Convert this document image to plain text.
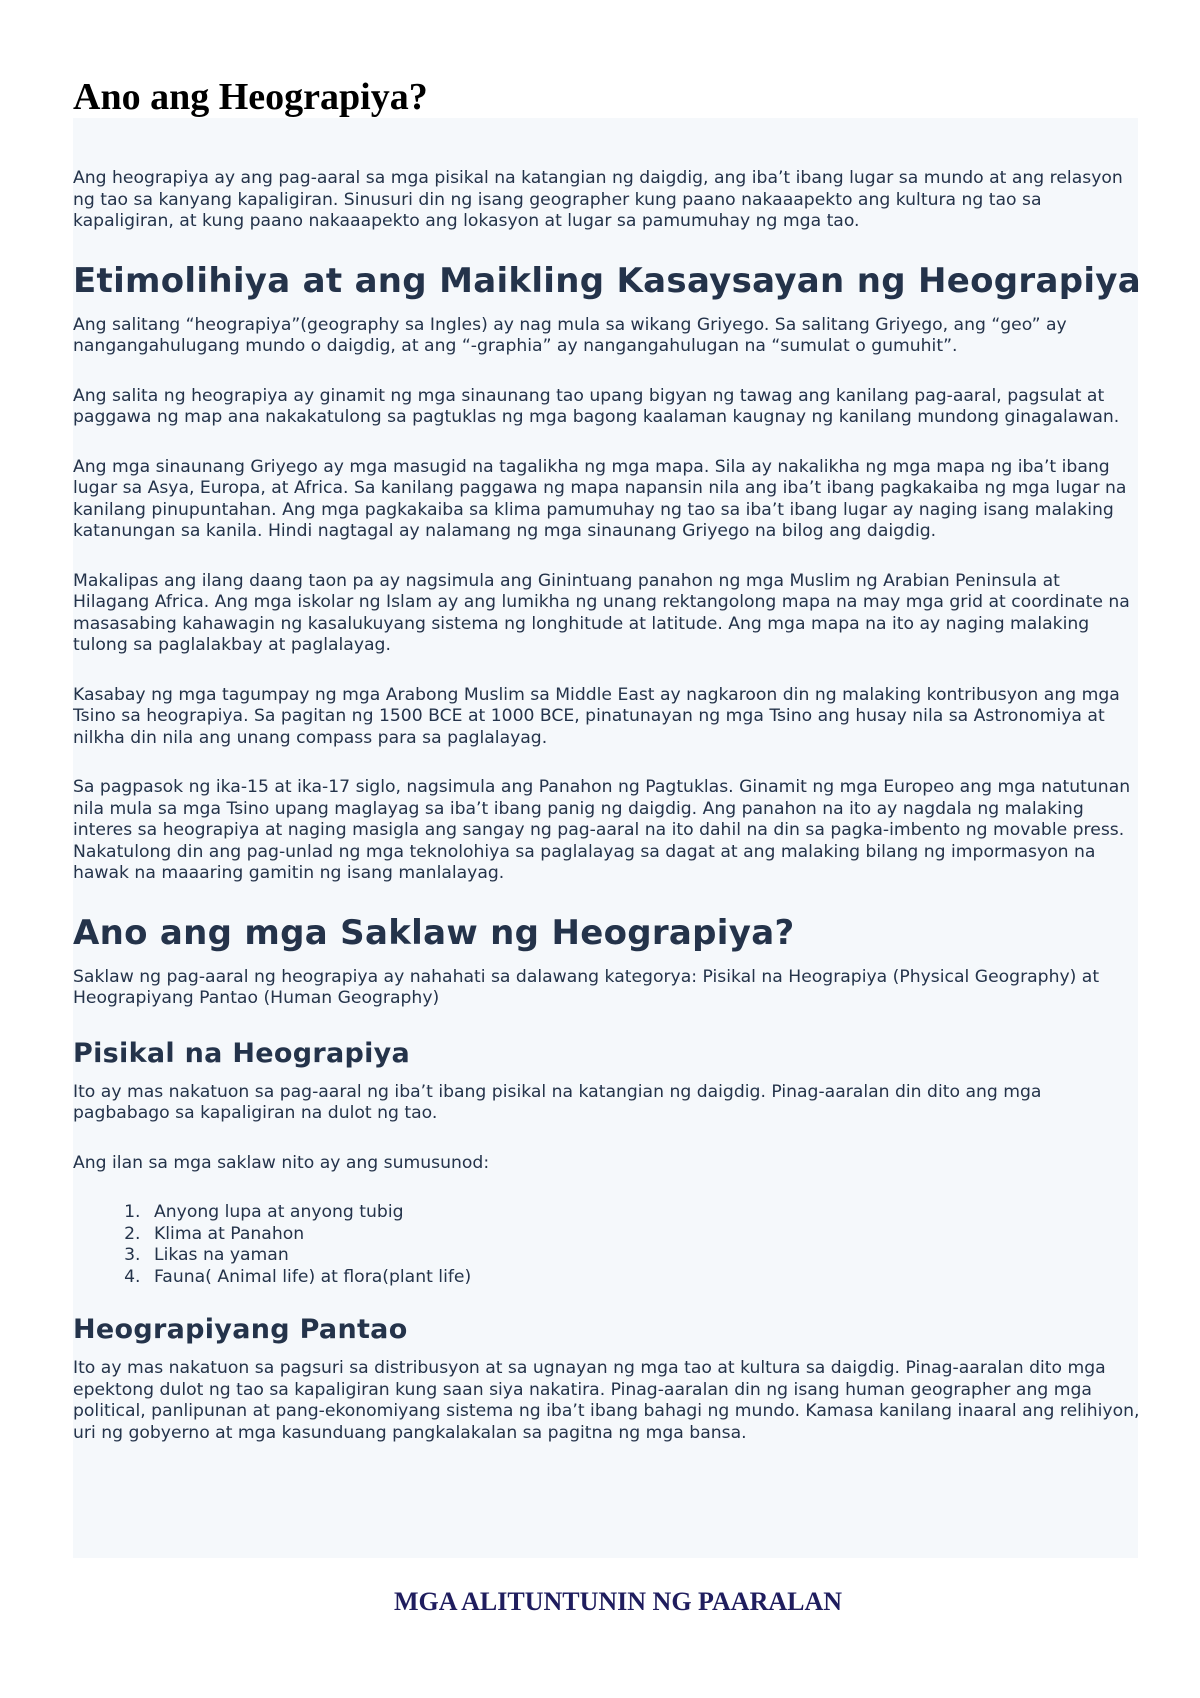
Ano ang Heograpiya?

Ang heograpiya ay ang pag-aaral sa mga pisikal na katangian ng daigdig, ang iba’t ibang lugar sa mundo at ang relasyon ng tao sa kanyang kapaligiran. Sinusuri din ng isang geographer kung paano nakaaapekto ang kultura ng tao sa kapaligiran, at kung paano nakaaapekto ang lokasyon at lugar sa pamumuhay ng mga tao.

Etimolihiya at ang Maikling Kasaysayan ng Heograpiya

Ang salitang “heograpiya”(geography sa Ingles) ay nag mula sa wikang Griyego. Sa salitang Griyego, ang “geo” ay nangangahulugang mundo o daigdig, at ang “-graphia” ay nangangahulugan na “sumulat o gumuhit”.

Ang salita ng heograpiya ay ginamit ng mga sinaunang tao upang bigyan ng tawag ang kanilang pag-aaral, pagsulat at paggawa ng map ana nakakatulong sa pagtuklas ng mga bagong kaalaman kaugnay ng kanilang mundong ginagalawan.

Ang mga sinaunang Griyego ay mga masugid na tagalikha ng mga mapa. Sila ay nakalikha ng mga mapa ng iba’t ibang lugar sa Asya, Europa, at Africa. Sa kanilang paggawa ng mapa napansin nila ang iba’t ibang pagkakaiba ng mga lugar na kanilang pinupuntahan. Ang mga pagkakaiba sa klima pamumuhay ng tao sa iba’t ibang lugar ay naging isang malaking katanungan sa kanila. Hindi nagtagal ay nalamang ng mga sinaunang Griyego na bilog ang daigdig.

Makalipas ang ilang daang taon pa ay nagsimula ang Ginintuang panahon ng mga Muslim ng Arabian Peninsula at Hilagang Africa. Ang mga iskolar ng Islam ay ang lumikha ng unang rektangolong mapa na may mga grid at coordinate na masasabing kahawagin ng kasalukuyang sistema ng longhitude at latitude. Ang mga mapa na ito ay naging malaking tulong sa paglalakbay at paglalayag.

Kasabay ng mga tagumpay ng mga Arabong Muslim sa Middle East ay nagkaroon din ng malaking kontribusyon ang mga Tsino sa heograpiya. Sa pagitan ng 1500 BCE at 1000 BCE, pinatunayan ng mga Tsino ang husay nila sa Astronomiya at nilkha din nila ang unang compass para sa paglalayag.

Sa pagpasok ng ika-15 at ika-17 siglo, nagsimula ang Panahon ng Pagtuklas. Ginamit ng mga Europeo ang mga natutunan nila mula sa mga Tsino upang maglayag sa iba’t ibang panig ng daigdig. Ang panahon na ito ay nagdala ng malaking interes sa heograpiya at naging masigla ang sangay ng pag-aaral na ito dahil na din sa pagka-imbento ng movable press. Nakatulong din ang pag-unlad ng mga teknolohiya sa paglalayag sa dagat at ang malaking bilang ng impormasyon na hawak na maaaring gamitin ng isang manlalayag.

Ano ang mga Saklaw ng Heograpiya?

Saklaw ng pag-aaral ng heograpiya ay nahahati sa dalawang kategorya: Pisikal na Heograpiya (Physical Geography) at Heograpiyang Pantao (Human Geography)

Pisikal na Heograpiya

Ito ay mas nakatuon sa pag-aaral ng iba’t ibang pisikal na katangian ng daigdig. Pinag-aaralan din dito ang mga pagbabago sa kapaligiran na dulot ng tao.

Ang ilan sa mga saklaw nito ay ang sumusunod:

1. Anyong lupa at anyong tubig
2. Klima at Panahon
3. Likas na yaman
4. Fauna( Animal life) at flora(plant life)
Heograpiyang Pantao

Ito ay mas nakatuon sa pagsuri sa distribusyon at sa ugnayan ng mga tao at kultura sa daigdig. Pinag-aaralan dito mga epektong dulot ng tao sa kapaligiran kung saan siya nakatira. Pinag-aaralan din ng isang human geographer ang mga political, panlipunan at pang-ekonomiyang sistema ng iba’t ibang bahagi ng mundo. Kamasa kanilang inaaral ang relihiyon, uri ng gobyerno at mga kasunduang pangkalakalan sa pagitna ng mga bansa.

MGA ALITUNTUNIN NG PAARALAN
